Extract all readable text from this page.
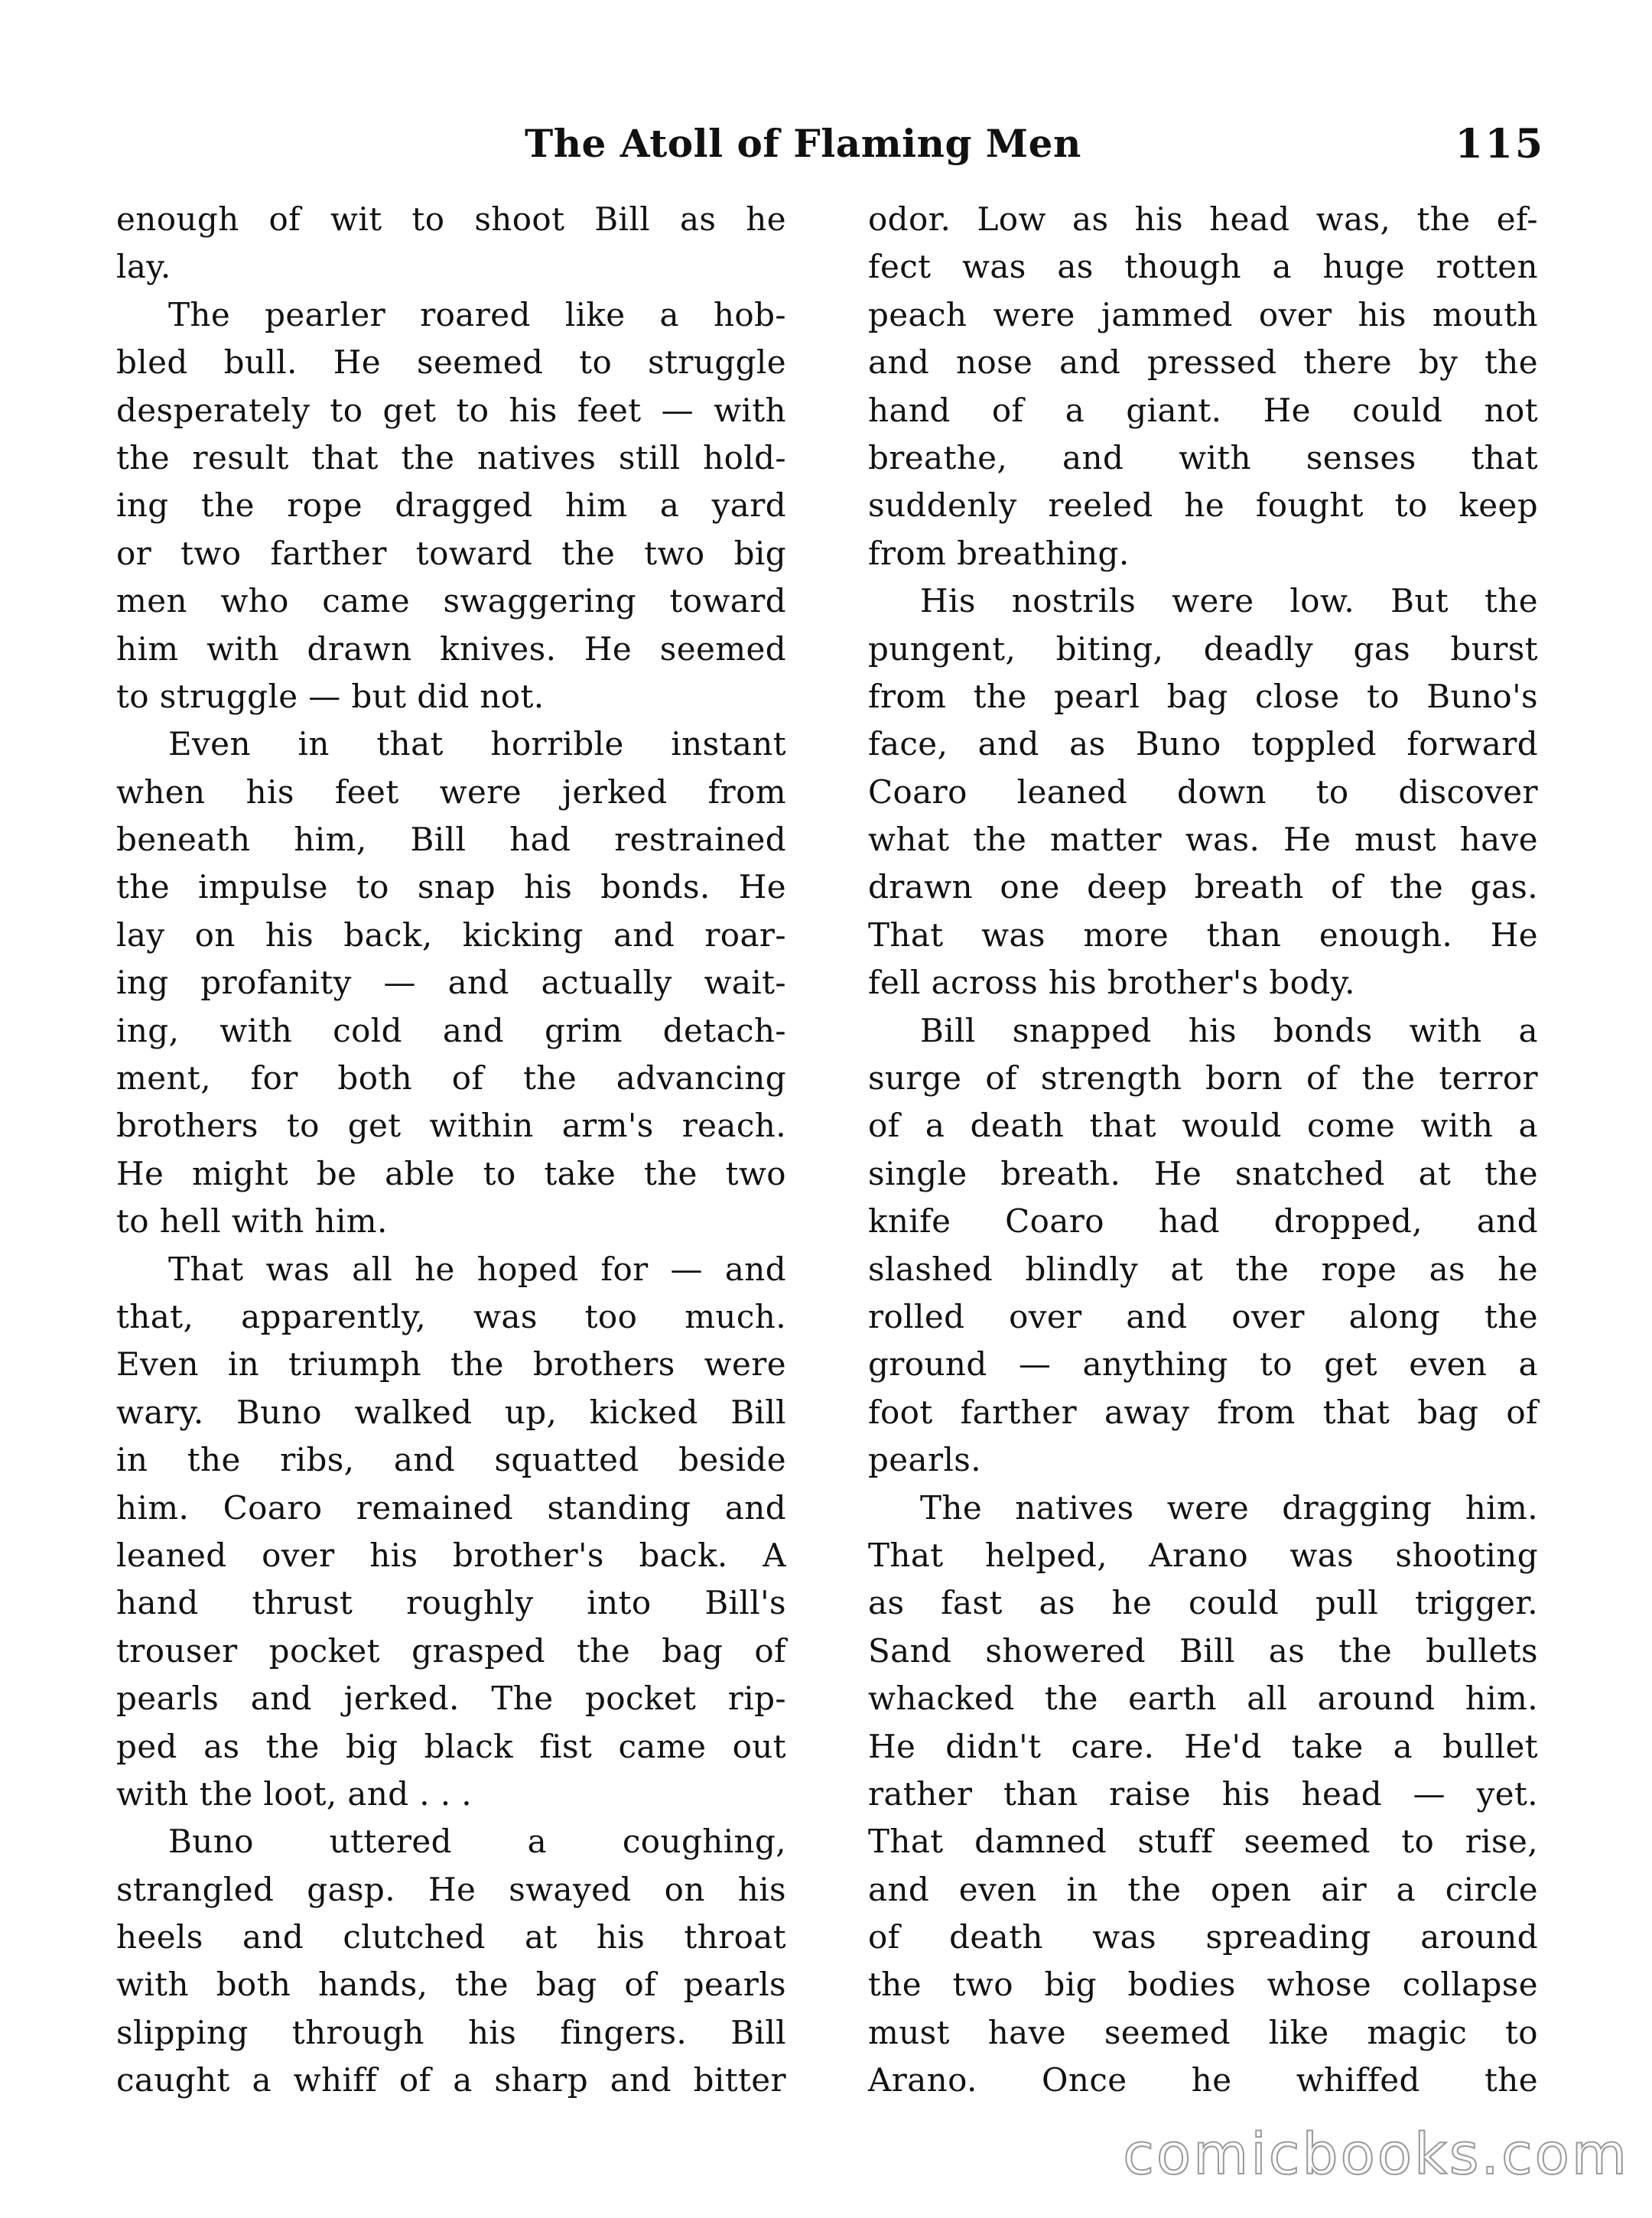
The Atoll of Flaming Men	115
enough of wit to shoot Bill as he
lay.
The pearler roared like a hob-
bled bull. He seemed to struggle
desperately to get to his feet — with
the result that the natives still hold-
ing the rope dragged him a yard
or two farther toward the two big
men who came swaggering toward
him with drawn knives. He seemed
to struggle — but did not.
Even in that horrible instant
when his feet were jerked from
beneath him, Bill had restrained
the impulse to snap his bonds. He
lay on his back, kicking and roar-
ing profanity — and actually wait-
ing, with cold and grim detach-
ment, for both of the advancing
brothers to get within arm's reach.
He might be able to take the two
to hell with him.
That was all he hoped for — and
that, apparently, was too much.
Even in triumph the brothers were
wary. Buno walked up, kicked Bill
in the ribs, and squatted beside
him. Coaro remained standing and
leaned over his brother's back. A
hand thrust roughly into Bill's
trouser pocket grasped the bag of
pearls and jerked. The pocket rip-
ped as the big black fist came out
with the loot, and . . .
Buno uttered a coughing,
strangled gasp. He swayed on his
heels and clutched at his throat
with both hands, the bag of pearls
slipping through his fingers. Bill
caught a whiff of a sharp and bitter
odor. Low as his head was, the ef-
fect was as though a huge rotten
peach were jammed over his mouth
and nose and pressed there by the
hand of a giant. He could not
breathe, and with senses that
suddenly reeled he fought to keep
from breathing.
His nostrils were low. But the
pungent, biting, deadly gas burst
from the pearl bag close to Buno's
face, and as Buno toppled forward
Coaro leaned down to discover
what the matter was. He must have
drawn one deep breath of the gas.
That was more than enough. He
fell across his brother's body.
Bill snapped his bonds with a
surge of strength born of the terror
of a death that would come with a
single breath. He snatched at the
knife Coaro had dropped, and
slashed blindly at the rope as he
rolled over and over along the
ground — anything to get even a
foot farther away from that bag of
pearls.
The natives were dragging him.
That helped, Arano was shooting
as fast as he could pull trigger.
Sand showered Bill as the bullets
whacked the earth all around him.
He didn't care. He'd take a bullet
rather than raise his head — yet.
That damned stuff seemed to rise,
and even in the open air a circle
of death was spreading around
the two big bodies whose collapse
must have seemed like magic to
Arano. Once he whiffed the
comicbooks.com
